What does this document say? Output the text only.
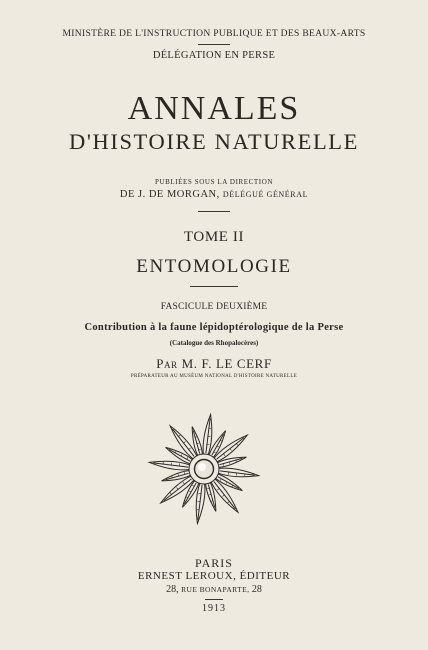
MINISTÈRE DE L'INSTRUCTION PUBLIQUE ET DES BEAUX-ARTS
DÉLÉGATION EN PERSE
ANNALES
D'HISTOIRE NATURELLE
PUBLIÉES SOUS LA DIRECTION
DE J. DE MORGAN, DÉLÉGUÉ GÉNÉRAL
TOME II
ENTOMOLOGIE
FASCICULE DEUXIÈME
Contribution à la faune lépidoptérologique de la Perse
(Catalogue des Rhopalocères)
Par M. F. LE CERF
PRÉPARATEUR AU MUSÉUM NATIONAL D'HISTOIRE NATURELLE
PARIS
ERNEST LEROUX, ÉDITEUR
28, RUE BONAPARTE, 28
1913
